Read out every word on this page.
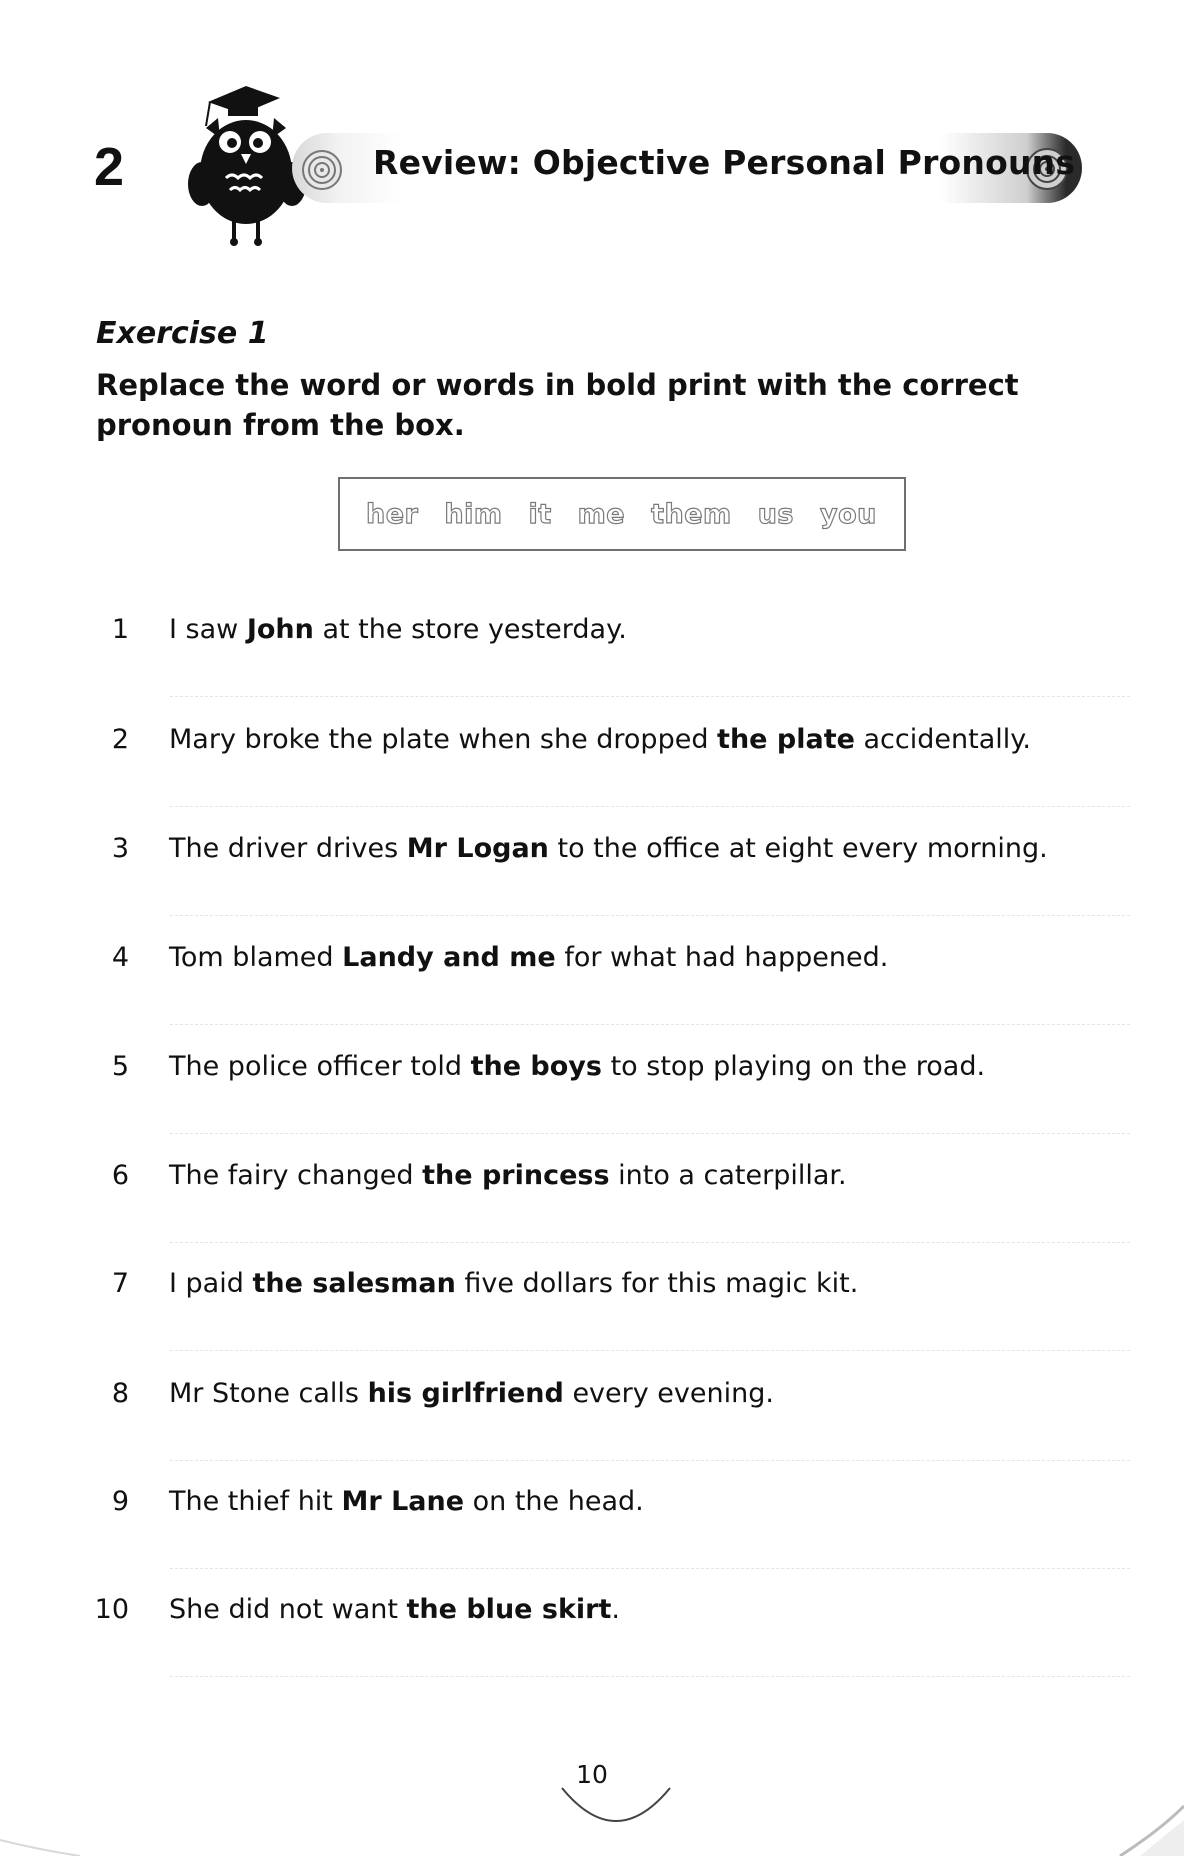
2	Review: Objective Personal Pronouns
Exercise 1
Replace the word or words in bold print with the correct pronoun from the box.
her him it me them us you
1 I saw John at the store yesterday.
2 Mary broke the plate when she dropped the plate accidentally.
3 The driver drives Mr Logan to the office at eight every morning.
4 Tom blamed Landy and me for what had happened.
5 The police officer told the boys to stop playing on the road.
6 The fairy changed the princess into a caterpillar.
7 I paid the salesman five dollars for this magic kit.
8 Mr Stone calls his girlfriend every evening.
9 The thief hit Mr Lane on the head.
10 She did not want the blue skirt.
10
